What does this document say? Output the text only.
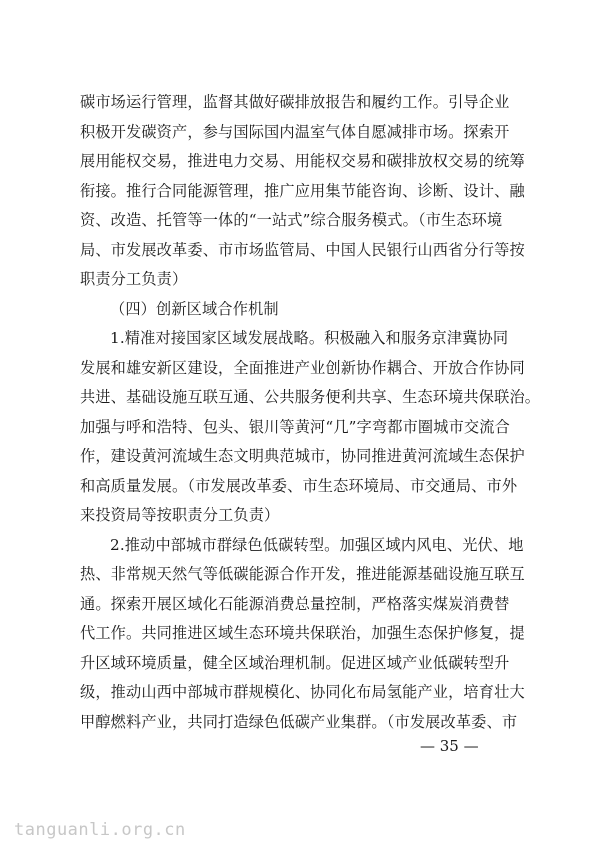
碳市场运行管理，监督其做好碳排放报告和履约工作。引导企业
积极开发碳资产，参与国际国内温室气体自愿减排市场。探索开
展用能权交易，推进电力交易、用能权交易和碳排放权交易的统筹
衔接。推行合同能源管理，推广应用集节能咨询、诊断、设计、融
资、改造、托管等一体的“一站式”综合服务模式。（市生态环境
局、市发展改革委、市市场监管局、中国人民银行山西省分行等按
职责分工负责）
（四）创新区域合作机制
1.精准对接国家区域发展战略。积极融入和服务京津冀协同
发展和雄安新区建设，全面推进产业创新协作耦合、开放合作协同
共进、基础设施互联互通、公共服务便利共享、生态环境共保联治。
加强与呼和浩特、包头、银川等黄河“几”字弯都市圈城市交流合
作，建设黄河流域生态文明典范城市，协同推进黄河流域生态保护
和高质量发展。（市发展改革委、市生态环境局、市交通局、市外
来投资局等按职责分工负责）
2.推动中部城市群绿色低碳转型。加强区域内风电、光伏、地
热、非常规天然气等低碳能源合作开发，推进能源基础设施互联互
通。探索开展区域化石能源消费总量控制，严格落实煤炭消费替
代工作。共同推进区域生态环境共保联治，加强生态保护修复，提
升区域环境质量，健全区域治理机制。促进区域产业低碳转型升
级，推动山西中部城市群规模化、协同化布局氢能产业，培育壮大
甲醇燃料产业，共同打造绿色低碳产业集群。（市发展改革委、市
— 35 —
tanguanli.org.cn
